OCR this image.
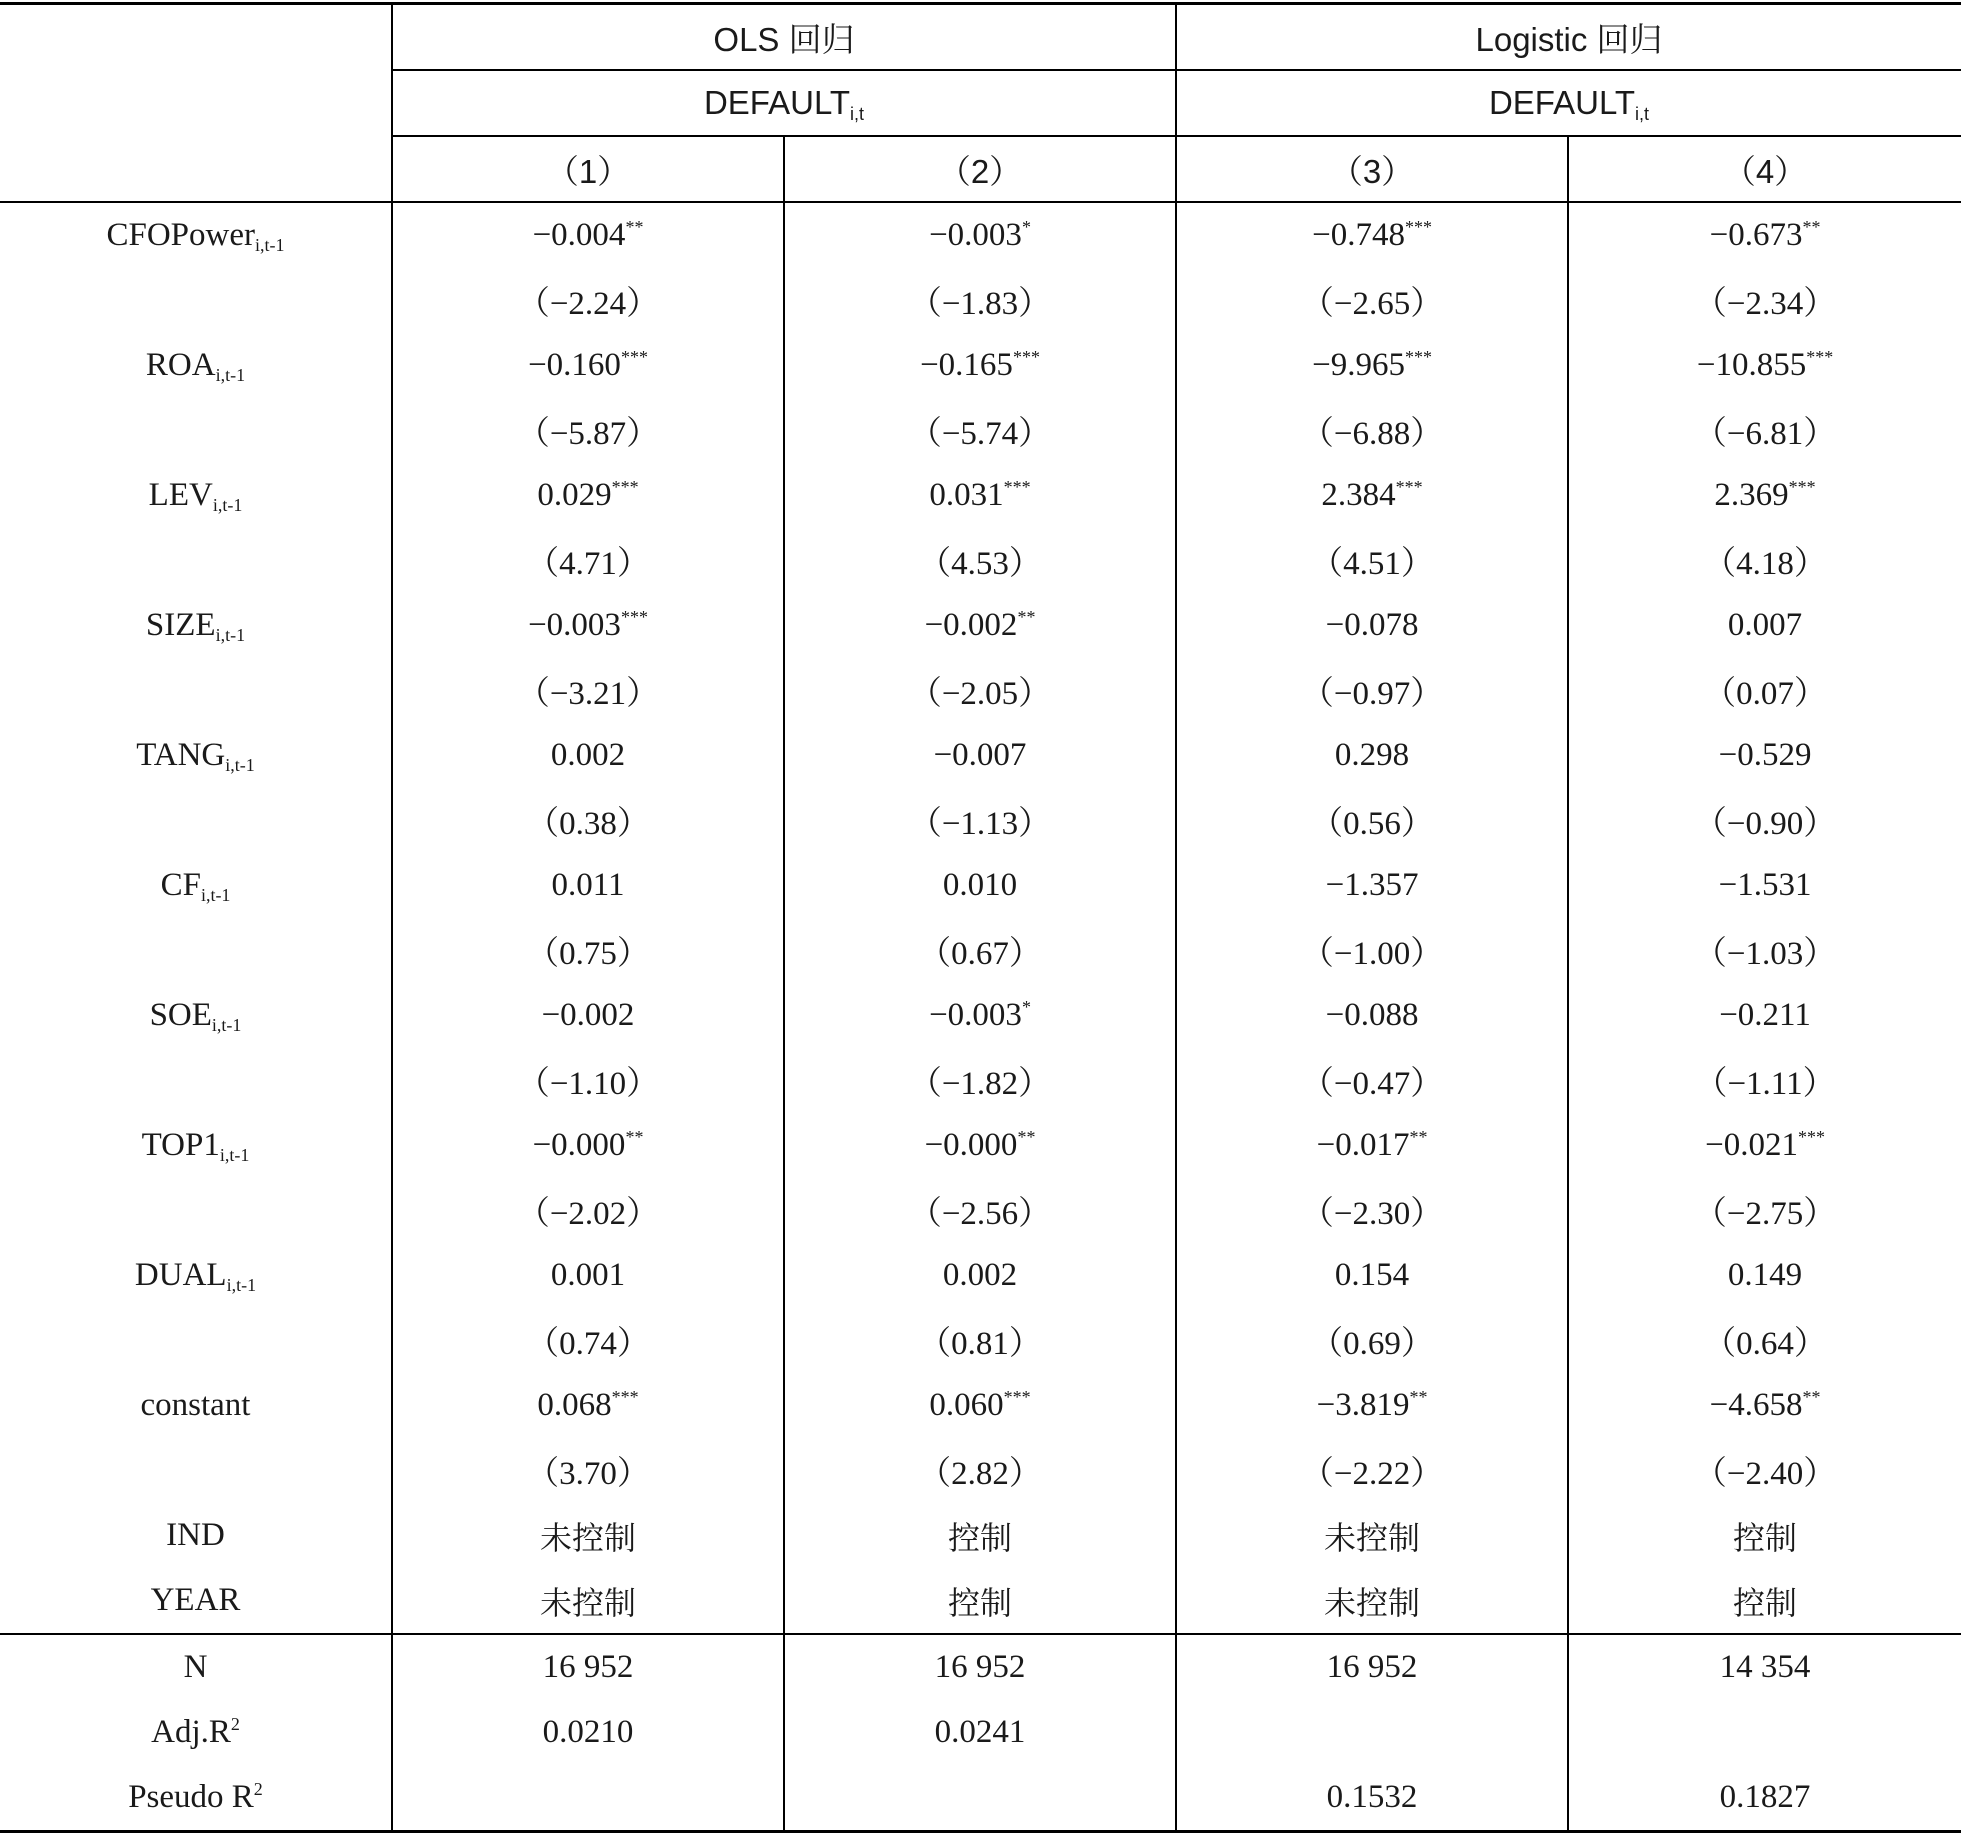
	OLS 回归		Logistic 回归	
	$DEFAULT_{i,t}$		$DEFAULT_{i,t}$
	（1）	（2）	（3）	（4）
CFOPower$_{i,t-1}$	−0.004**	−0.003*	−0.748***	−0.673**
	（−2.24）	（−1.83）	（−2.65）	（−2.34）
$ROA_{i,t-1}$	−0.160***	−0.165***	−9.965***	−10.855***
	（−5.87）	（−5.74）	（−6.88）	（−6.81）
$LEV_{i,t-1}$	0.029***	0.031***	2.384***	2.369***
	（4.71）	（4.53）	（4.51）	（4.18）
$SIZE_{i,t-1}$	−0.003***	−0.002**	−0.078	0.007
	（−3.21）	（−2.05）	（−0.97）	（0.07）
$TANG_{i,t-1}$	0.002	−0.007	0.298	−0.529
	（0.38）	（−1.13）	（0.56）	（−0.90）
$CF_{i,t-1}$	0.011	0.010	−1.357	−1.531
	（0.75）	（0.67）	（−1.00）	（−1.03）
$SOE_{i,t-1}$	−0.002	−0.003*	−0.088	−0.211
	（−1.10）	（−1.82）	（−0.47）	（−1.11）
$TOP1_{i,t-1}$	−0.000**	−0.000**	−0.017**	−0.021***
	（−2.02）	（−2.56）	（−2.30）	（−2.75）
$DUAL_{i,t-1}$	0.001	0.002	0.154	0.149
	（0.74）	（0.81）	（0.69）	（0.64）
constant	0.068***	0.060***	−3.819**	−4.658**
	（3.70）	（2.82）	（−2.22）	（−2.40）
IND	未控制	控制	未控制	控制
YEAR	未控制	控制	未控制	控制
N	16 952	16 952	16 952	14 354
$Adj.R^2$	0.0210	0.0241		
Pseudo $R^2$			0.1532	0.1827
